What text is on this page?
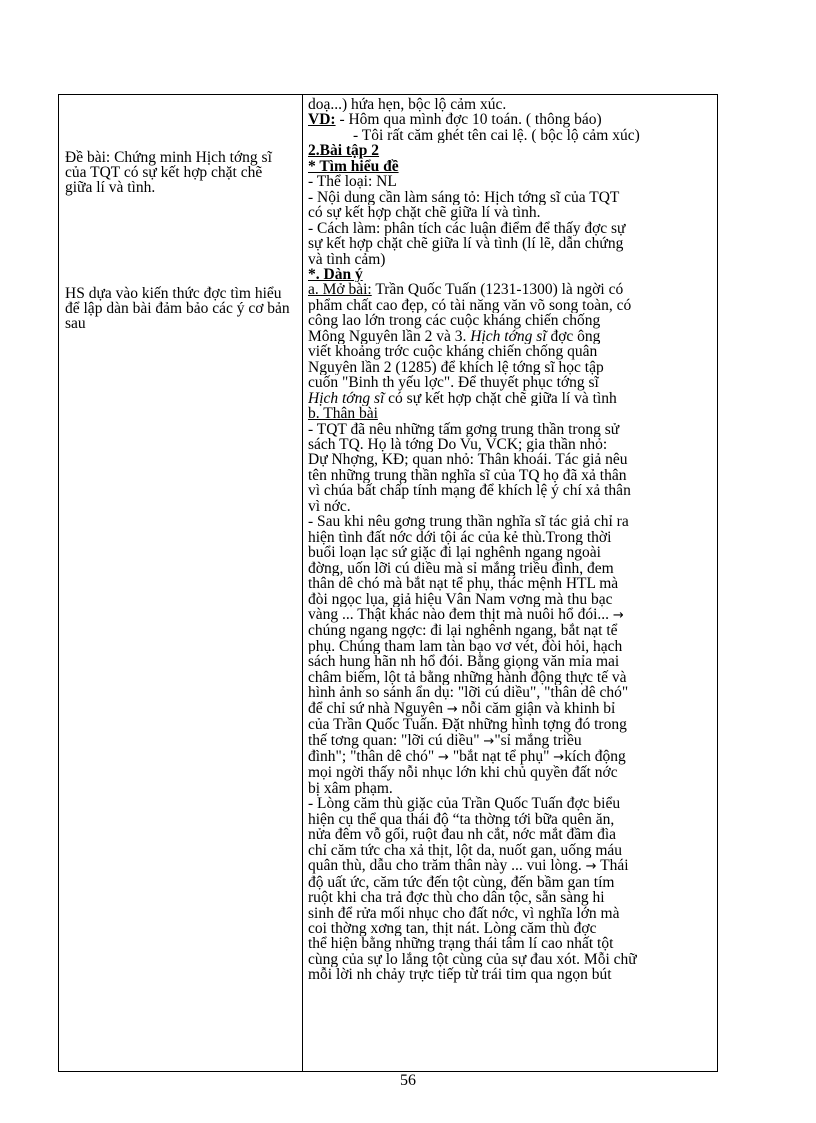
Đề bài: Chứng minh Hịch tớng sĩ của TQT có sự kết hợp chặt chẽ giữa lí và tình.

HS dựa vào kiến thức đợc tìm hiểu để lập dàn bài đảm bảo các ý cơ bản sau

doạ...) hứa hẹn, bộc lộ cảm xúc.

VD: - Hôm qua mình đợc 10 toán. ( thông báo)

- Tôi rất căm ghét tên cai lệ. ( bộc lộ cảm xúc)

2.Bài tập 2

* Tìm hiểu đề

- Thể loại: NL

- Nội dung cần làm sáng tỏ: Hịch tớng sĩ của TQT

có sự kết hợp chặt chẽ giữa lí và tình.

- Cách làm: phân tích các luận điểm để thấy đợc sự

sự kết hợp chặt chẽ giữa lí và tình (lí lẽ, dẫn chứng

và tình cảm)

*. Dàn ý

a. Mở bài: Trần Quốc Tuấn (1231-1300) là ngời có

phẩm chất cao đẹp, có tài năng văn võ song toàn, có

công lao lớn trong các cuộc kháng chiến chống

Mông Nguyên lần 2 và 3. Hịch tớng sĩ đợc ông

viết khoảng trớc cuộc kháng chiến chống quân

Nguyên lần 2 (1285) để khích lệ tớng sĩ học tập

cuốn "Binh th yếu lợc". Để thuyết phục tớng sĩ

Hịch tớng sĩ có sự kết hợp chặt chẽ giữa lí và tình

b. Thân bài

- TQT đã nêu những tấm gơng trung thần trong sử

sách TQ. Họ là tớng Do Vu, VCK; gia thần nhỏ:

Dự Nhợng, KĐ; quan nhỏ: Thân khoái. Tác giả nêu

tên những trung thần nghĩa sĩ của TQ họ đã xả thân

vì chúa bất chấp tính mạng để khích lệ ý chí xả thân

vì nớc.

- Sau khi nêu gơng trung thần nghĩa sĩ tác giả chỉ ra

hiện tình đất nớc dới tội ác của kẻ thù.Trong thời

buổi loạn lạc sứ giặc đi lại nghênh ngang ngoài

đờng, uốn lỡi cú diều mà sỉ mắng triều đình, đem

thân dê chó mà bắt nạt tể phụ, thác mệnh HTL mà

đòi ngọc lụa, giả hiệu Vân Nam vơng mà thu bạc

vàng ... Thật khác nào đem thịt mà nuôi hổ đói... →

chúng ngang ngợc: đi lại nghênh ngang, bắt nạt tể

phụ. Chúng tham lam tàn bạo vơ vét, đòi hỏi, hạch

sách hung hãn nh hổ đói. Bằng giọng văn mỉa mai

châm biếm, lột tả bằng những hành động thực tế và

hình ảnh so sánh ẩn dụ: "lỡi cú diều", "thân dê chó"

để chỉ sứ nhà Nguyên → nỗi căm giận và khinh bỉ

của Trần Quốc Tuấn. Đặt những hình tợng đó trong

thế tơng quan: "lỡi cú diều" →"sỉ mắng triều

đình"; "thân dê chó" → "bắt nạt tể phụ" →kích động

mọi ngời thấy nỗi nhục lớn khi chủ quyền đất nớc

bị xâm phạm.

- Lòng căm thù giặc của Trần Quốc Tuấn đợc biểu

hiện cụ thể qua thái độ “ta thờng tới bữa quên ăn,

nửa đêm vỗ gối, ruột đau nh cắt, nớc mắt đầm đìa

chỉ căm tức cha xả thịt, lột da, nuốt gan, uống máu

quân thù, dẫu cho trăm thân này ... vui lòng. → Thái

độ uất ức, căm tức đến tột cùng, đến bầm gan tím

ruột khi cha trả đợc thù cho dân tộc, sẵn sàng hi

sinh để rửa mối nhục cho đất nớc, vì nghĩa lớn mà

coi thờng xơng tan, thịt nát. Lòng căm thù đợc

thể hiện bằng những trạng thái tâm lí cao nhất tột

cùng của sự lo lắng tột cùng của sự đau xót. Mỗi chữ

mỗi lời nh chảy trực tiếp từ trái tim qua ngọn bút

56
